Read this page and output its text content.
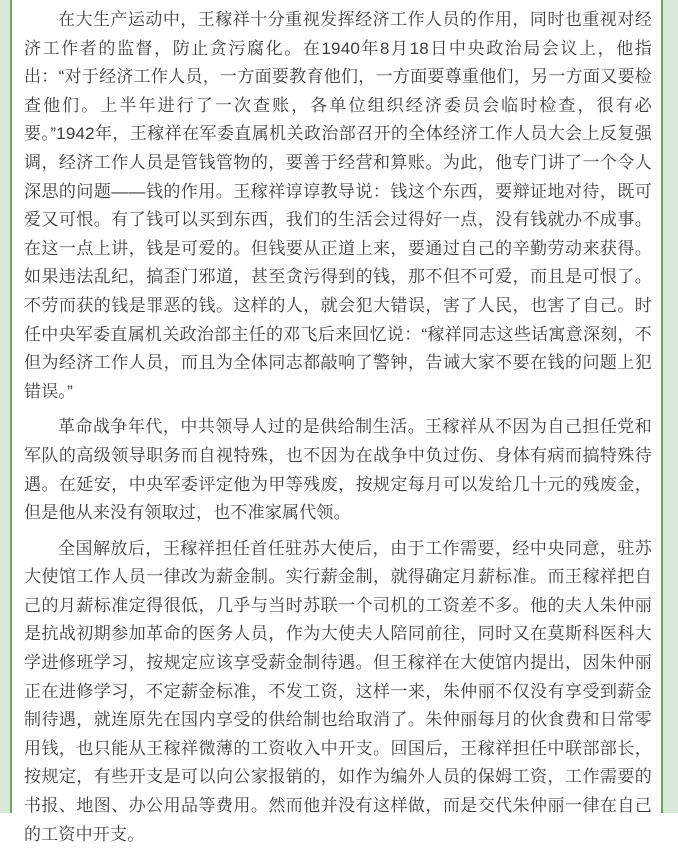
在大生产运动中，王稼祥十分重视发挥经济工作人员的作用，同时也重视对经济工作者的监督，防止贪污腐化。在1940年8月18日中央政治局会议上，他指出：“对于经济工作人员，一方面要教育他们，一方面要尊重他们，另一方面又要检查他们。上半年进行了一次查账，各单位组织经济委员会临时检查，很有必要。”1942年，王稼祥在军委直属机关政治部召开的全体经济工作人员大会上反复强调，经济工作人员是管钱管物的，要善于经营和算账。为此，他专门讲了一个令人深思的问题——钱的作用。王稼祥谆谆教导说：钱这个东西，要辩证地对待，既可爱又可恨。有了钱可以买到东西，我们的生活会过得好一点，没有钱就办不成事。在这一点上讲，钱是可爱的。但钱要从正道上来，要通过自己的辛勤劳动来获得。如果违法乱纪，搞歪门邪道，甚至贪污得到的钱，那不但不可爱，而且是可恨了。不劳而获的钱是罪恶的钱。这样的人，就会犯大错误，害了人民，也害了自己。时任中央军委直属机关政治部主任的邓飞后来回忆说：“稼祥同志这些话寓意深刻，不但为经济工作人员，而且为全体同志都敲响了警钟，告诫大家不要在钱的问题上犯错误。”

革命战争年代，中共领导人过的是供给制生活。王稼祥从不因为自己担任党和军队的高级领导职务而自视特殊，也不因为在战争中负过伤、身体有病而搞特殊待遇。在延安，中央军委评定他为甲等残废，按规定每月可以发给几十元的残废金，但是他从来没有领取过，也不准家属代领。

全国解放后，王稼祥担任首任驻苏大使后，由于工作需要，经中央同意，驻苏大使馆工作人员一律改为薪金制。实行薪金制，就得确定月薪标准。而王稼祥把自己的月薪标准定得很低，几乎与当时苏联一个司机的工资差不多。他的夫人朱仲丽是抗战初期参加革命的医务人员，作为大使夫人陪同前往，同时又在莫斯科医科大学进修班学习，按规定应该享受薪金制待遇。但王稼祥在大使馆内提出，因朱仲丽正在进修学习，不定薪金标准，不发工资，这样一来，朱仲丽不仅没有享受到薪金制待遇，就连原先在国内享受的供给制也给取消了。朱仲丽每月的伙食费和日常零用钱，也只能从王稼祥微薄的工资收入中开支。回国后，王稼祥担任中联部部长，按规定，有些开支是可以向公家报销的，如作为编外人员的保姆工资，工作需要的书报、地图、办公用品等费用。然而他并没有这样做，而是交代朱仲丽一律在自己的工资中开支。
